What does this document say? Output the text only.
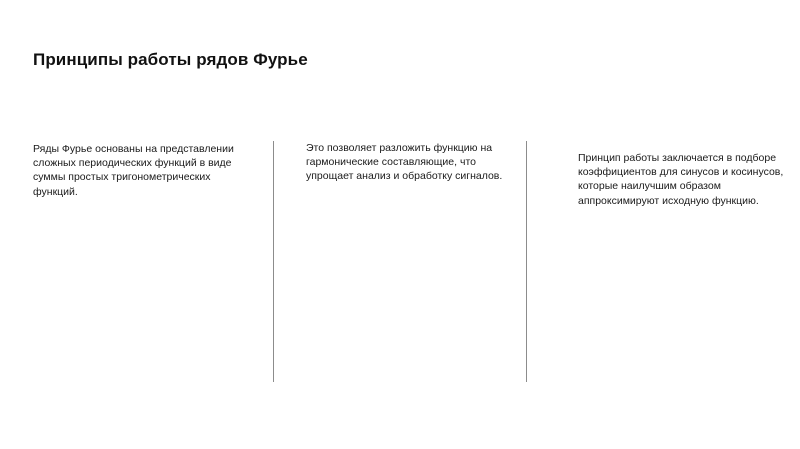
Принципы работы рядов Фурье

Ряды Фурье основаны на представлении сложных периодических функций в виде суммы простых тригонометрических функций.

Это позволяет разложить функцию на гармонические составляющие, что упрощает анализ и обработку сигналов.

Принцип работы заключается в подборе коэффициентов для синусов и косинусов, которые наилучшим образом аппроксимируют исходную функцию.
